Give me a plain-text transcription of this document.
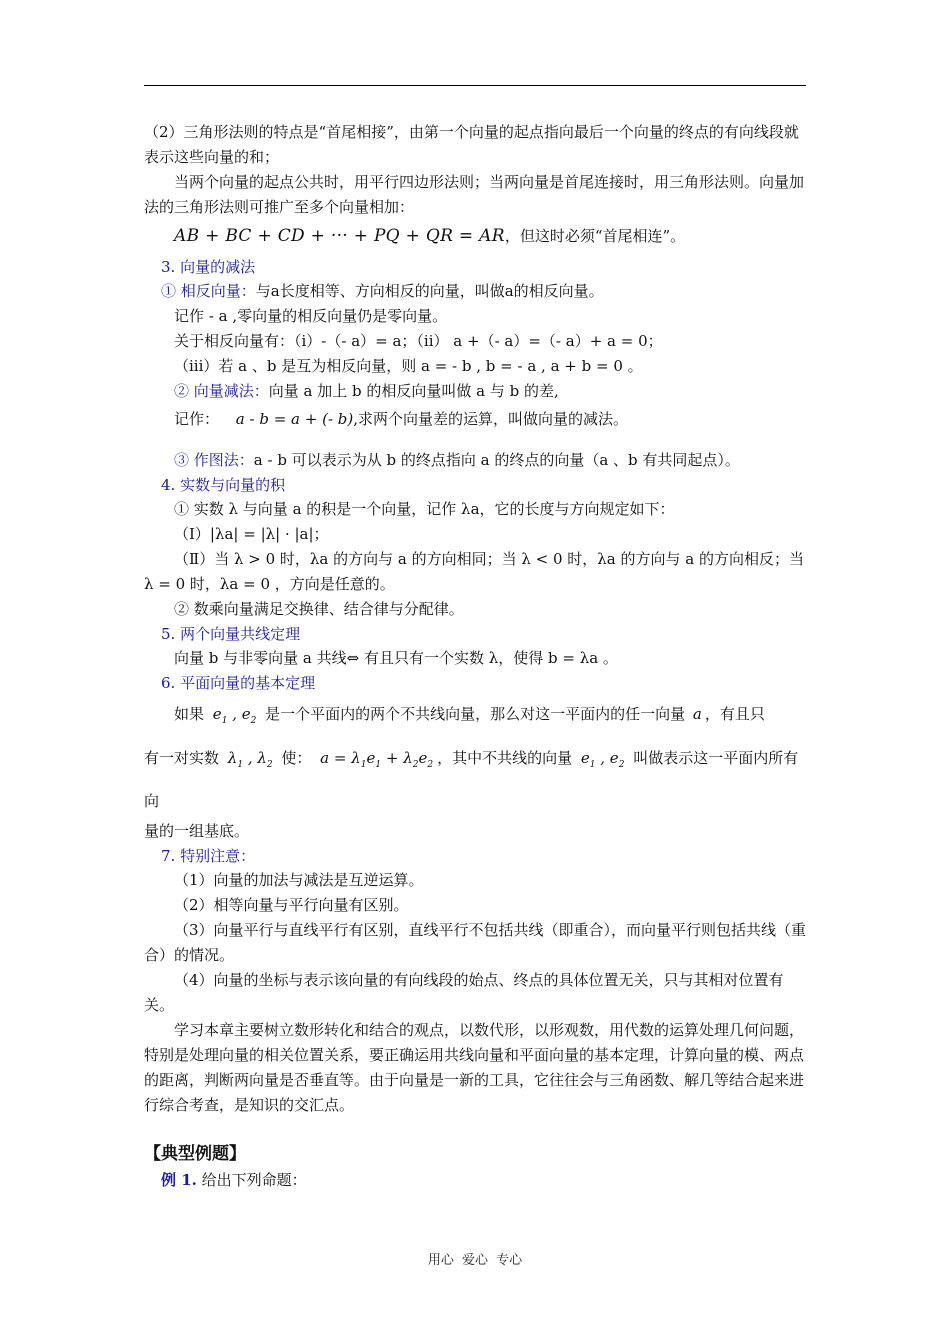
（2）三角形法则的特点是“首尾相接”，由第一个向量的起点指向最后一个向量的终点的有向线段就表示这些向量的和；

当两个向量的起点公共时，用平行四边形法则；当两向量是首尾连接时，用三角形法则。向量加法的三角形法则可推广至多个向量相加：

AB + BC + CD + ··· + PQ + QR = AR，但这时必须“首尾相连”。

3. 向量的减法

① 相反向量：与a长度相等、方向相反的向量，叫做a的相反向量。

记作 - a ,零向量的相反向量仍是零向量。

关于相反向量有：（i）-（- a）= a；（ii） a +（- a）=（- a）+ a = 0；

（iii）若 a 、b 是互为相反向量，则 a = - b , b = - a , a + b = 0 。

② 向量减法：向量 a 加上 b 的相反向量叫做 a 与 b 的差,

记作： a - b = a + (- b),求两个向量差的运算，叫做向量的减法。

③ 作图法：a - b 可以表示为从 b 的终点指向 a 的终点的向量（a 、b 有共同起点）。

4. 实数与向量的积

① 实数 λ 与向量 a 的积是一个向量，记作 λa，它的长度与方向规定如下：

（Ⅰ）|λa| = |λ| · |a|；

（Ⅱ）当 λ > 0 时，λa 的方向与 a 的方向相同；当 λ < 0 时，λa 的方向与 a 的方向相反；当 λ = 0 时，λa = 0 ，方向是任意的。

② 数乘向量满足交换律、结合律与分配律。

5. 两个向量共线定理

向量 b 与非零向量 a 共线⇔ 有且只有一个实数 λ，使得 b = λa 。

6. 平面向量的基本定理

如果 $e_1$ , $e_2$ 是一个平面内的两个不共线向量，那么对这一平面内的任一向量 a ，有且只

有一对实数 $\lambda_1$ , $\lambda_2$ 使： $a = \lambda_1e_1 + \lambda_2e_2$ ，其中不共线的向量 $e_1$ , $e_2$ 叫做表示这一平面内所有向

量的一组基底。

7. 特别注意：

（1）向量的加法与减法是互逆运算。

（2）相等向量与平行向量有区别。

（3）向量平行与直线平行有区别，直线平行不包括共线（即重合），而向量平行则包括共线（重合）的情况。

（4）向量的坐标与表示该向量的有向线段的始点、终点的具体位置无关，只与其相对位置有关。

学习本章主要树立数形转化和结合的观点，以数代形，以形观数，用代数的运算处理几何问题，特别是处理向量的相关位置关系，要正确运用共线向量和平面向量的基本定理，计算向量的模、两点的距离，判断两向量是否垂直等。由于向量是一新的工具，它往往会与三角函数、解几等结合起来进行综合考查，是知识的交汇点。

【典型例题】

例 1. 给出下列命题：

用心 爱心 专心
